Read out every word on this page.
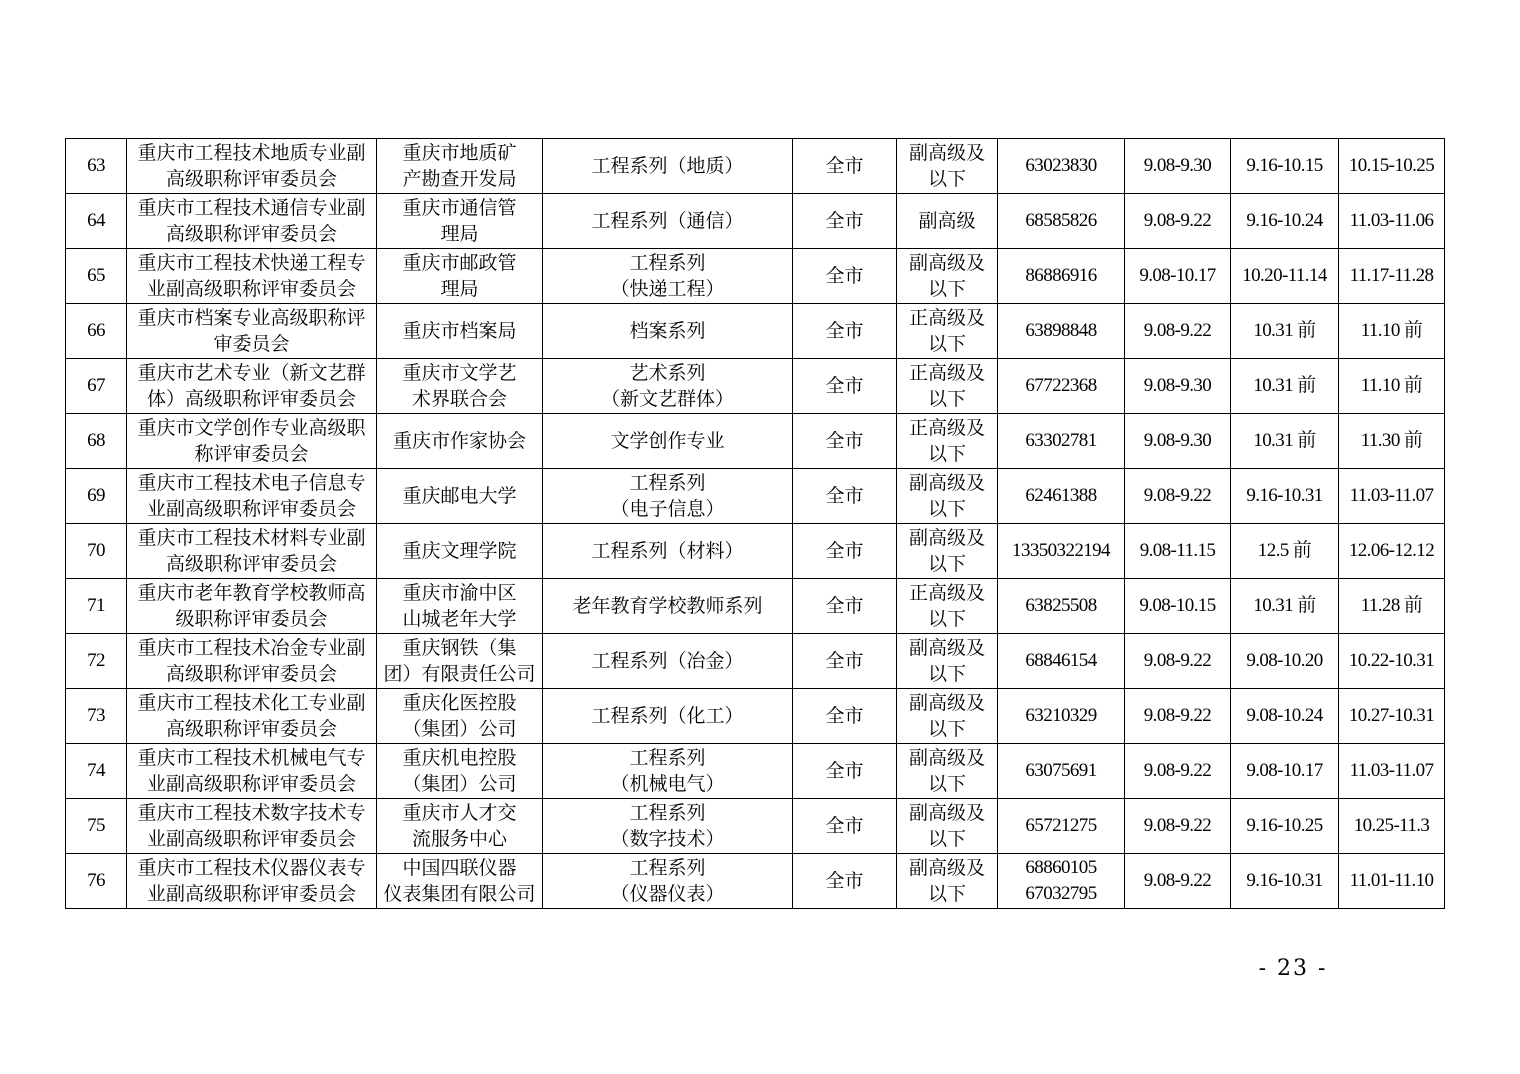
63	重庆市工程技术地质专业副
高级职称评审委员会	重庆市地质矿
产勘查开发局	工程系列（地质）	全市	副高级及
以下	63023830	9.08-9.30	9.16-10.15	10.15-10.25
64	重庆市工程技术通信专业副
高级职称评审委员会	重庆市通信管
理局	工程系列（通信）	全市	副高级	68585826	9.08-9.22	9.16-10.24	11.03-11.06
65	重庆市工程技术快递工程专
业副高级职称评审委员会	重庆市邮政管
理局	工程系列
（快递工程）	全市	副高级及
以下	86886916	9.08-10.17	10.20-11.14	11.17-11.28
66	重庆市档案专业高级职称评
审委员会	重庆市档案局	档案系列	全市	正高级及
以下	63898848	9.08-9.22	10.31 前	11.10 前
67	重庆市艺术专业（新文艺群
体）高级职称评审委员会	重庆市文学艺
术界联合会	艺术系列
（新文艺群体）	全市	正高级及
以下	67722368	9.08-9.30	10.31 前	11.10 前
68	重庆市文学创作专业高级职
称评审委员会	重庆市作家协会	文学创作专业	全市	正高级及
以下	63302781	9.08-9.30	10.31 前	11.30 前
69	重庆市工程技术电子信息专
业副高级职称评审委员会	重庆邮电大学	工程系列
（电子信息）	全市	副高级及
以下	62461388	9.08-9.22	9.16-10.31	11.03-11.07
70	重庆市工程技术材料专业副
高级职称评审委员会	重庆文理学院	工程系列（材料）	全市	副高级及
以下	13350322194	9.08-11.15	12.5 前	12.06-12.12
71	重庆市老年教育学校教师高
级职称评审委员会	重庆市渝中区
山城老年大学	老年教育学校教师系列	全市	正高级及
以下	63825508	9.08-10.15	10.31 前	11.28 前
72	重庆市工程技术冶金专业副
高级职称评审委员会	重庆钢铁（集
团）有限责任公司	工程系列（冶金）	全市	副高级及
以下	68846154	9.08-9.22	9.08-10.20	10.22-10.31
73	重庆市工程技术化工专业副
高级职称评审委员会	重庆化医控股
（集团）公司	工程系列（化工）	全市	副高级及
以下	63210329	9.08-9.22	9.08-10.24	10.27-10.31
74	重庆市工程技术机械电气专
业副高级职称评审委员会	重庆机电控股
（集团）公司	工程系列
（机械电气）	全市	副高级及
以下	63075691	9.08-9.22	9.08-10.17	11.03-11.07
75	重庆市工程技术数字技术专
业副高级职称评审委员会	重庆市人才交
流服务中心	工程系列
（数字技术）	全市	副高级及
以下	65721275	9.08-9.22	9.16-10.25	10.25-11.3
76	重庆市工程技术仪器仪表专
业副高级职称评审委员会	中国四联仪器
仪表集团有限公司	工程系列
（仪器仪表）	全市	副高级及
以下	68860105
67032795	9.08-9.22	9.16-10.31	11.01-11.10
- 23 -
